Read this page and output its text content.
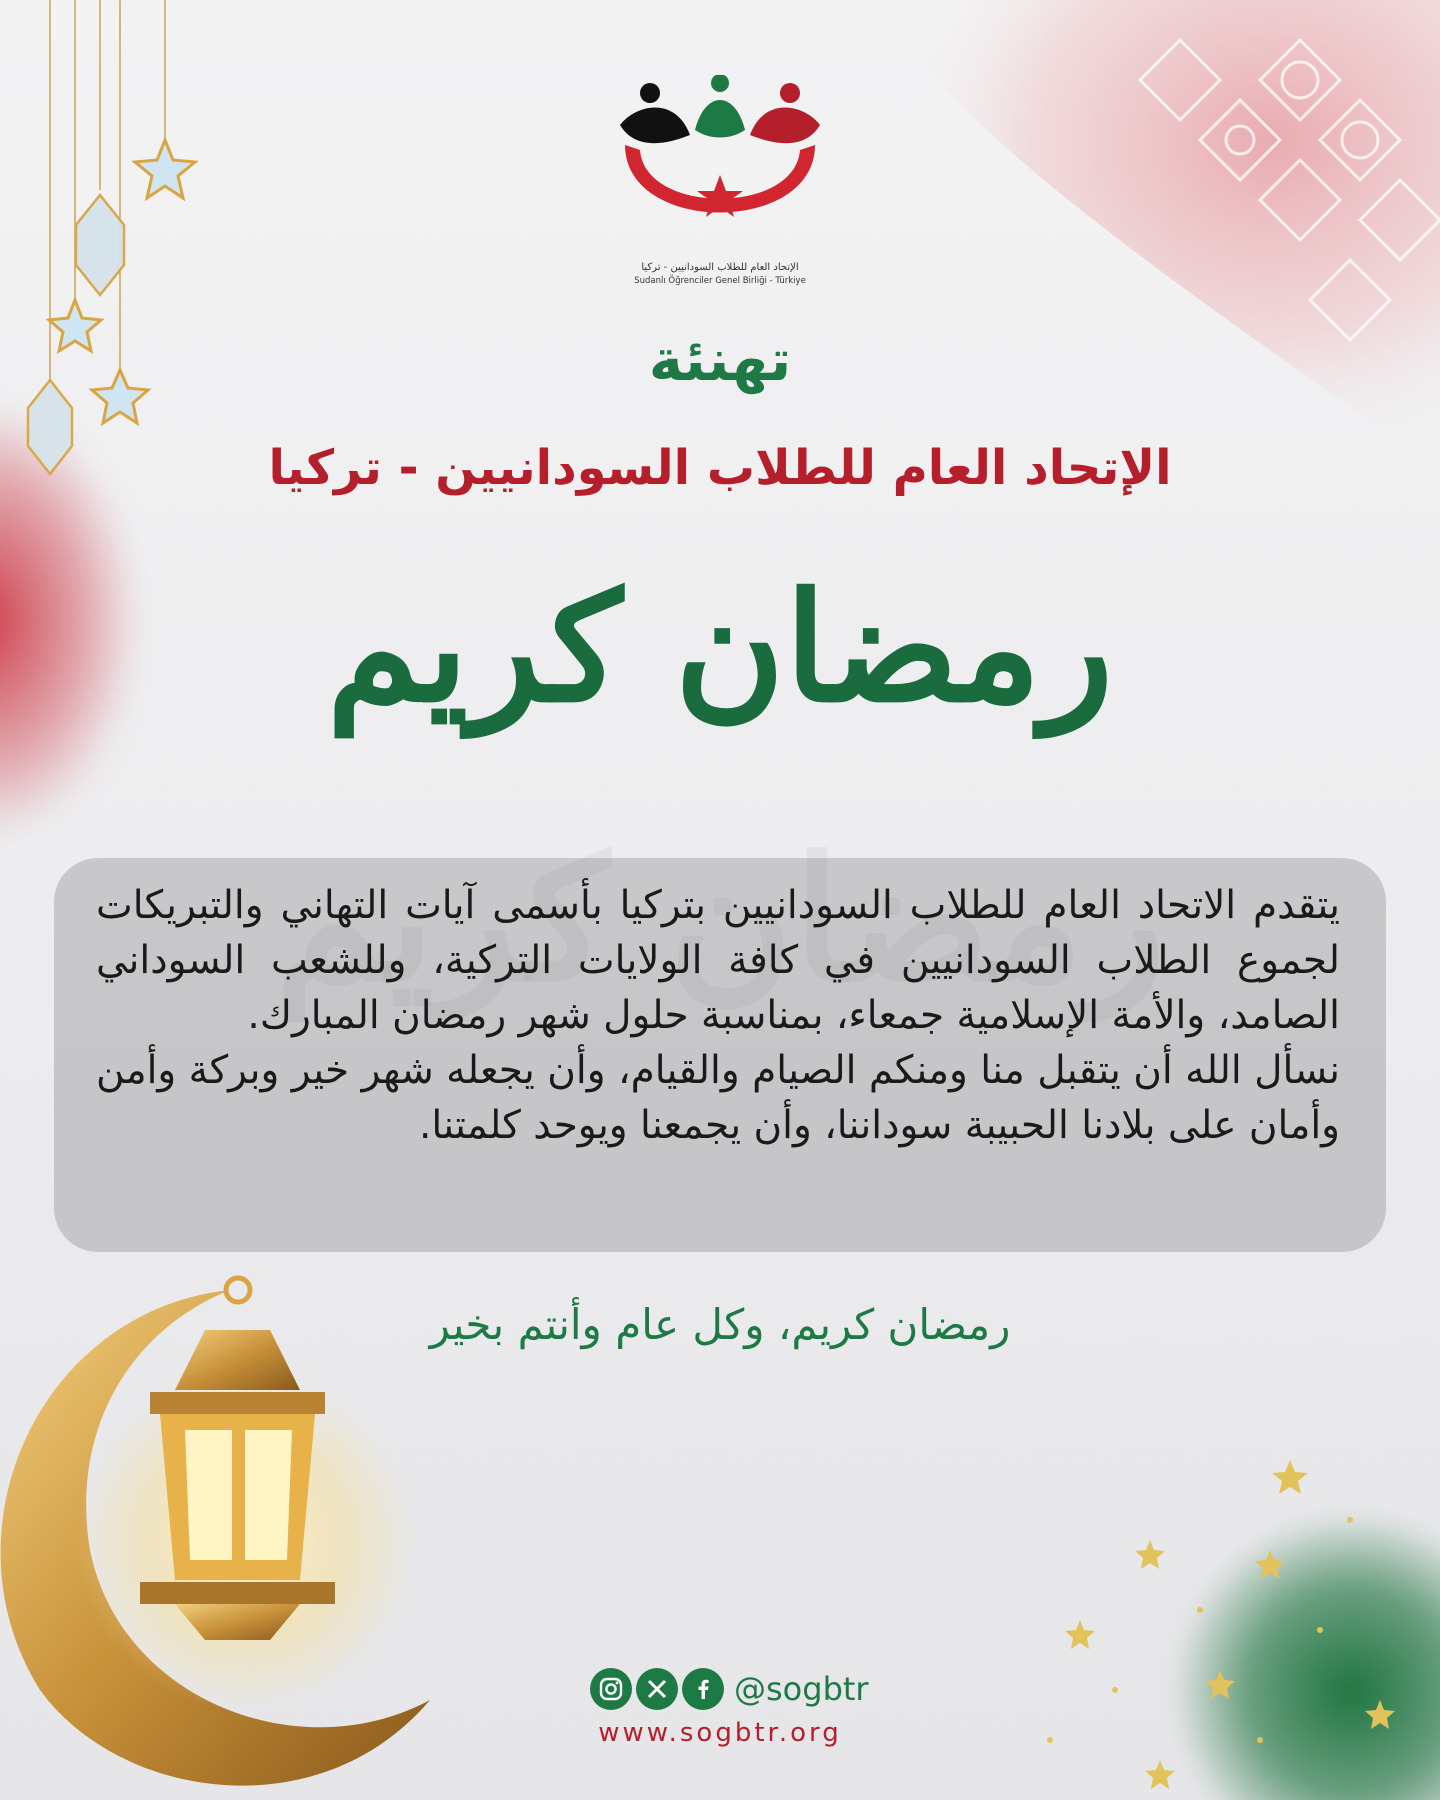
الإتحاد العام للطلاب السودانيين - تركيا
Sudanlı Öğrenciler Genel Birliği - Türkiye
تهنئة
الإتحاد العام للطلاب السودانيين - تركيا
رمضان كريم

يتقدم الاتحاد العام للطلاب السودانيين بتركيا بأسمى آيات التهاني والتبريكات لجموع الطلاب السودانيين في كافة الولايات التركية، وللشعب السوداني الصامد، والأمة الإسلامية جمعاء، بمناسبة حلول شهر رمضان المبارك.

نسأل الله أن يتقبل منا ومنكم الصيام والقيام، وأن يجعله شهر خير وبركة وأمن وأمان على بلادنا الحبيبة سوداننا، وأن يجمعنا ويوحد كلمتنا.

رمضان كريم، وكل عام وأنتم بخير
@sogbtr
www.sogbtr.org
